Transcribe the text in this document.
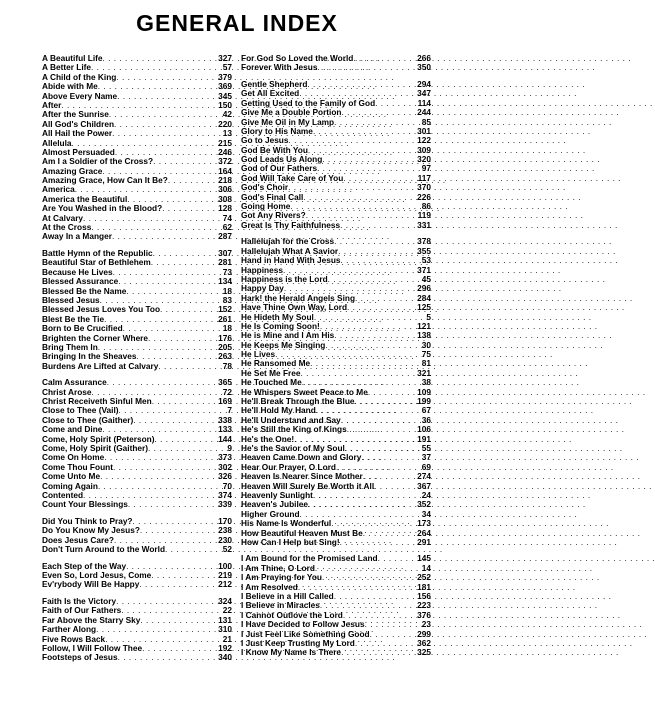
GENERAL INDEX
A Beautiful Life . . .	327
A Better Life . . .	57
A Child of the King . . .	379
Abide with Me . . .	369
Above Every Name . . .	345
After . . .	150
After the Sunrise . . .	42
All God's Children . . .	220
All Hail the Power . . .	13
Allelula . . .	215
Almost Persuaded . . .	246
Am I a Soldier of the Cross? . . .	372
Amazing Grace . . .	164
Amazing Grace, How Can It Be? . . .	218
America . . .	306
America the Beautiful . . .	308
Are You Washed in the Blood? . . .	128
At Calvary . . .	74
At the Cross . . .	62
Away In a Manger . . .	287
Battle Hymn of the Republic . . .	307
Beautiful Star of Bethlehem . . .	281
Because He Lives . . .	73
Blessed Assurance . . .	134
Blessed Be the Name . . .	18
Blessed Jesus . . .	83
Blessed Jesus Loves You Too . . .	152
Blest Be the Tie . . .	261
Born to Be Crucified . . .	18
Brighten the Corner Where . . .	176
Bring Them In . . .	205
Bringing In the Sheaves . . .	263
Burdens Are Lifted at Calvary . . .	78
Calm Assurance . . .	365
Christ Arose . . .	72
Christ Receiveth Sinful Men . . .	169
Close to Thee (Vail) . . .	7
Close to Thee (Gaither) . . .	338
Come and Dine . . .	133
Come, Holy Spirit (Peterson) . . .	144
Come, Holy Spirit (Gaither) . . .	9
Come On Home . . .	373
Come Thou Fount . . .	302
Come Unto Me . . .	326
Coming Again . . .	70
Contented . . .	374
Count Your Blessings . . .	339
Did You Think to Pray? . . .	170
Do You Know My Jesus? . . .	238
Does Jesus Care? . . .	230
Don't Turn Around to the World . . .	52
Each Step of the Way . . .	100
Even So, Lord Jesus, Come . . .	219
Ev'rybody Will Be Happy . . .	212
Faith Is the Victory . . .	324
Faith of Our Fathers . . .	22
Far Above the Starry Sky . . .	131
Farther Along . . .	310
Five Rows Back . . .	21
Follow, I Will Follow Thee . . .	192
Footsteps of Jesus . . .	340
For God So Loved the World . . .	266
Forever With Jesus . . .	350
Gentle Shepherd . . .	294
Get All Excited . . .	347
Getting Used to the Family of God . . .	114
Give Me a Double Portion . . .	244
Give Me Oil in My Lamp . . .	85
Glory to His Name . . .	301
Go to Jesus . . .	122
God Be With You . . .	309
God Leads Us Along . . .	320
God of Our Fathers . . .	97
God Will Take Care of You . . .	117
God's Choir . . .	370
God's Final Call . . .	226
Going Home . . .	86
Got Any Rivers? . . .	119
Great Is Thy Faithfulness . . .	331
Hallelujah for the Cross . . .	378
Hallelujah What A Savior . . .	355
Hand in Hand With Jesus . . .	53
Happiness . . .	371
Happiness is the Lord . . .	45
Happy Day . . .	296
Hark! the Herald Angels Sing . . .	284
Have Thine Own Way, Lord . . .	125
He Hideth My Soul . . .	5
He Is Coming Soon! . . .	121
He is Mine and I Am His . . .	138
He Keeps Me Singing . . .	30
He Lives . . .	75
He Ransomed Me . . .	81
He Set Me Free . . .	321
He Touched Me . . .	38
He Whispers Sweet Peace to Me . . .	109
He'll Break Through the Blue . . .	199
He'll Hold My Hand . . .	67
He'll Understand and Say . . .	36
He's Still the King of Kings . . .	106
He's the One! . . .	191
He's the Savior of My Soul . . .	55
Heaven Came Down and Glory . . .	37
Hear Our Prayer, O Lord . . .	69
Heaven Is Nearer Since Mother . . .	274
Heaven Will Surely Be Worth it All . . .	367
Heavenly Sunlight . . .	24
Heaven's Jubilee . . .	352
Higher Ground . . .	34
His Name Is Wonderful . . .	173
How Beautiful Heaven Must Be . . .	264
How Can I Help but Sing! . . .	291
I Am Bound for the Promised Land . . .	145
I Am Thine, O Lord . . .	14
I Am Praying for You . . .	252
I Am Resolved . . .	181
I Believe in a Hill Called . . .	156
I Believe in Miracles . . .	223
I Cannot Outlove the Lord . . .	376
I Have Decided to Follow Jesus . . .	23
I Just Feel Like Something Good . . .	299
I Just Keep Trusting My Lord . . .	362
I Know My Name Is There . . .	325
